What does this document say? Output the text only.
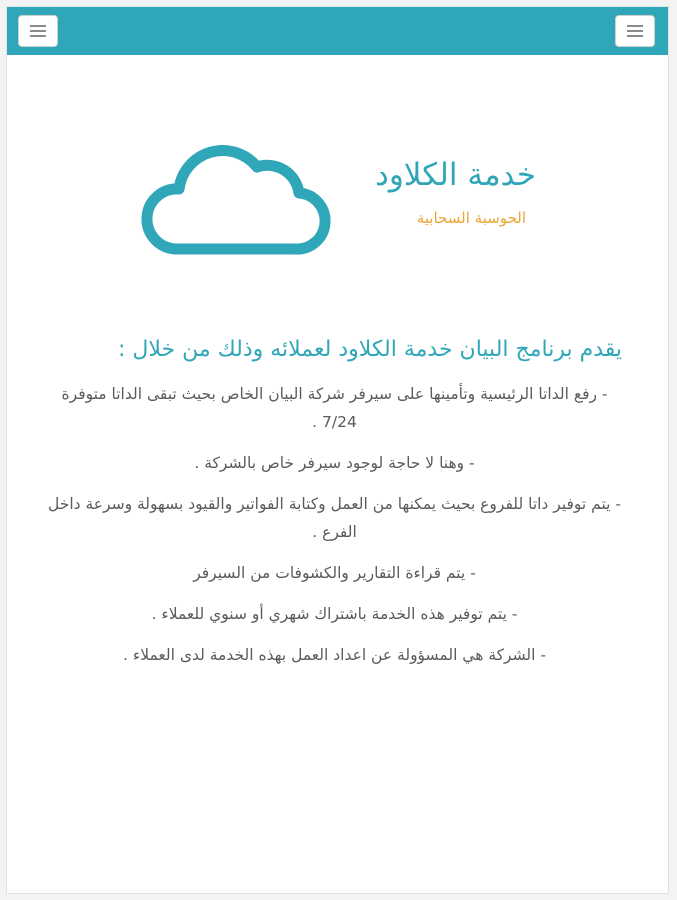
خدمة الكلاود
الحوسبة السحابية

يقدم برنامج البيان خدمة الكلاود لعملائه وذلك من خلال :

- رفع الداتا الرئيسية وتأمينها على سيرفر شركة البيان الخاص بحيث تبقى الداتا متوفرة 7/24 .
- وهنا لا حاجة لوجود سيرفر خاص بالشركة .
- يتم توفير داتا للفروع بحيث يمكنها من العمل وكتابة الفواتير والقيود بسهولة وسرعة داخل الفرع .
- يتم قراءة التقارير والكشوفات من السيرفر
- يتم توفير هذه الخدمة باشتراك شهري أو سنوي للعملاء .
- الشركة هي المسؤولة عن اعداد العمل بهذه الخدمة لدى العملاء .
